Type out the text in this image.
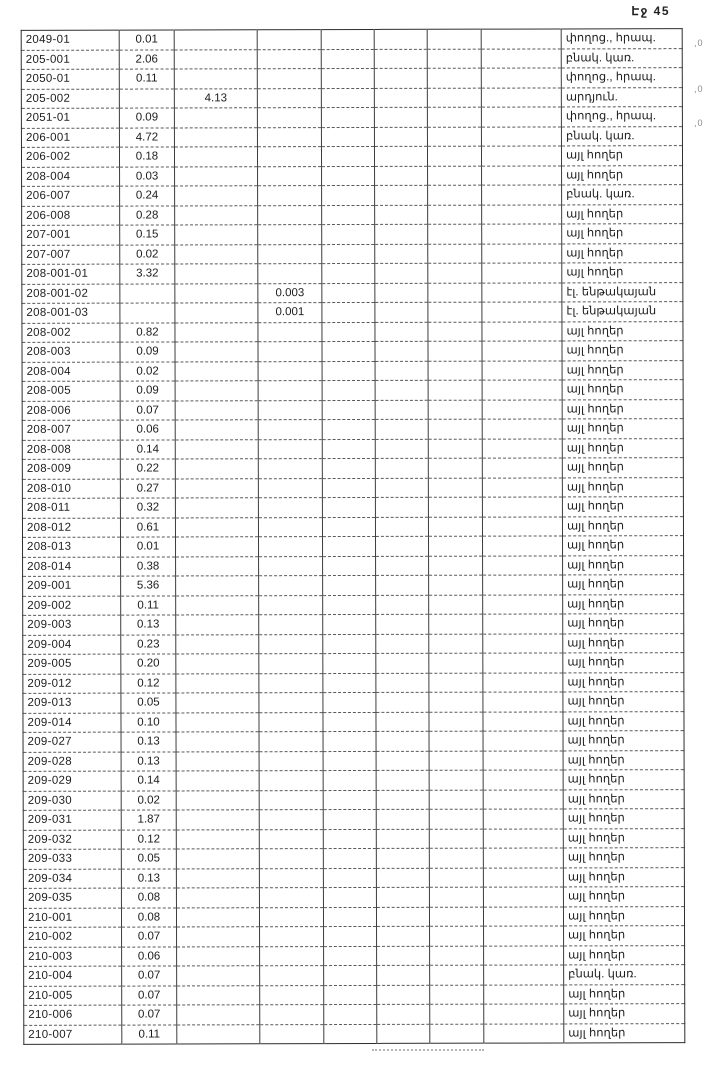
Էջ 45
2049-01	0.01							փողոց., հրապ.
205-001	2.06							բնակ. կառ.
2050-01	0.11							փողոց., հրապ.
205-002		4.13						արդյուն.
2051-01	0.09							փողոց., հրապ.
206-001	4.72							բնակ. կառ.
206-002	0.18							այլ հողեր
208-004	0.03							այլ հողեր
206-007	0.24							բնակ. կառ.
206-008	0.28							այլ հողեր
207-001	0.15							այլ հողեր
207-007	0.02							այլ հողեր
208-001-01	3.32							այլ հողեր
208-001-02			0.003					էլ. ենթակայան
208-001-03			0.001					էլ. ենթակայան
208-002	0.82							այլ հողեր
208-003	0.09							այլ հողեր
208-004	0.02							այլ հողեր
208-005	0.09							այլ հողեր
208-006	0.07							այլ հողեր
208-007	0.06							այլ հողեր
208-008	0.14							այլ հողեր
208-009	0.22							այլ հողեր
208-010	0.27							այլ հողեր
208-011	0.32							այլ հողեր
208-012	0.61							այլ հողեր
208-013	0.01							այլ հողեր
208-014	0.38							այլ հողեր
209-001	5.36							այլ հողեր
209-002	0.11							այլ հողեր
209-003	0.13							այլ հողեր
209-004	0.23							այլ հողեր
209-005	0.20							այլ հողեր
209-012	0.12							այլ հողեր
209-013	0.05							այլ հողեր
209-014	0.10							այլ հողեր
209-027	0.13							այլ հողեր
209-028	0.13							այլ հողեր
209-029	0.14							այլ հողեր
209-030	0.02							այլ հողեր
209-031	1.87							այլ հողեր
209-032	0.12							այլ հողեր
209-033	0.05							այլ հողեր
209-034	0.13							այլ հողեր
209-035	0.08							այլ հողեր
210-001	0.08							այլ հողեր
210-002	0.07							այլ հողեր
210-003	0.06							այլ հողեր
210-004	0.07							բնակ. կառ.
210-005	0.07							այլ հողեր
210-006	0.07							այլ հողեր
210-007	0.11							այլ հողեր
,0
,0
,0
